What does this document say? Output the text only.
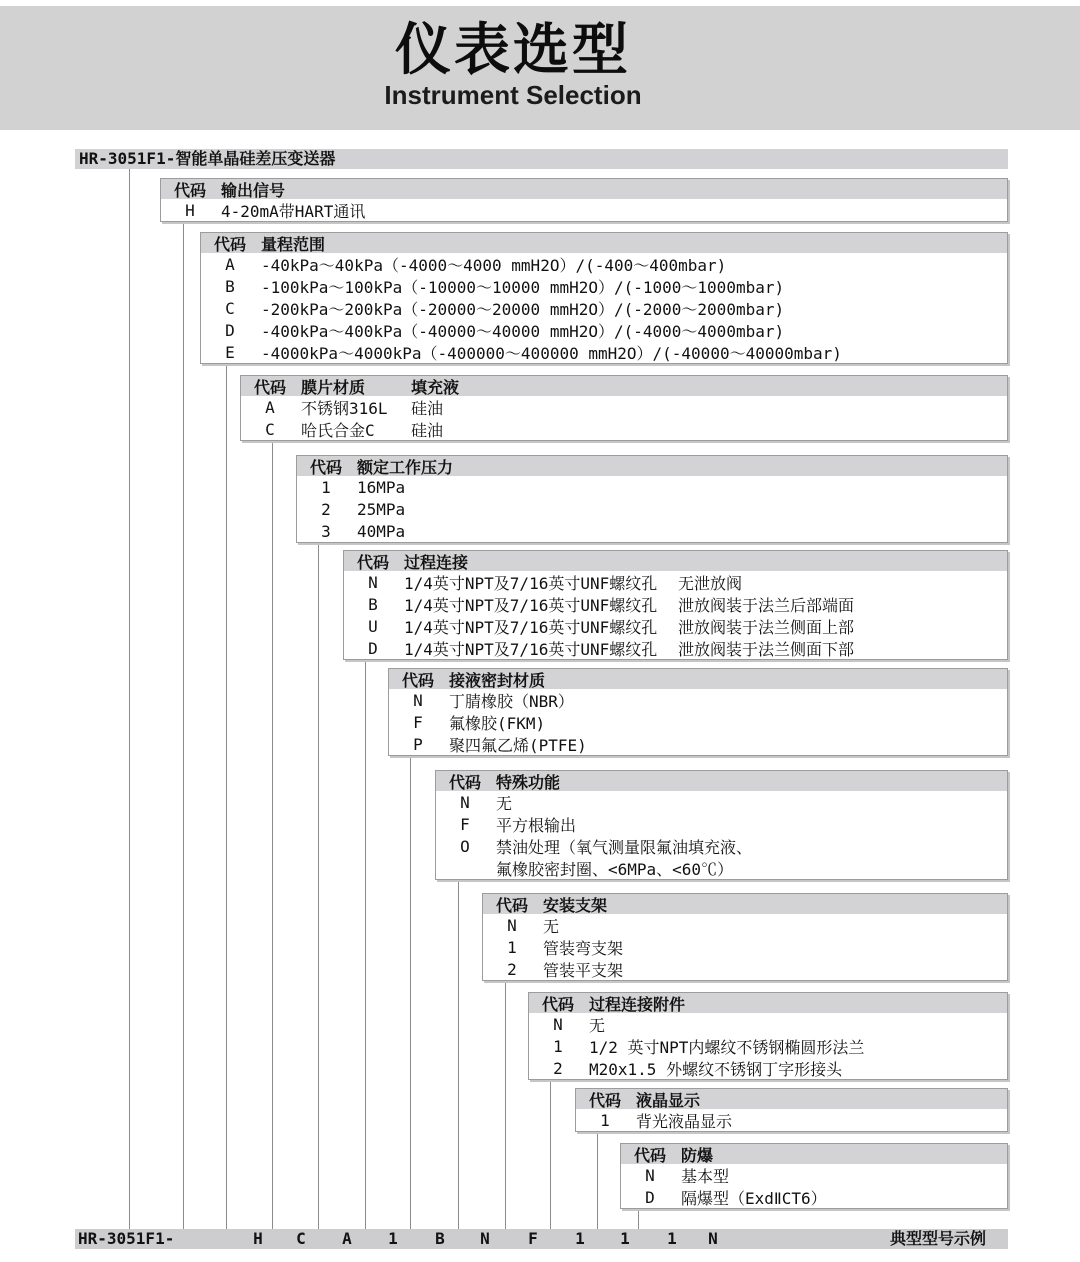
仪表选型
Instrument Selection
HR-3051F1-智能单晶硅差压变送器
代码 输出信号
H	4-20mA带HART通讯
代码 量程范围
A	-40kPa～40kPa（-4000～4000 mmH2O）/(-400～400mbar)
B	-100kPa～100kPa（-10000～10000 mmH2O）/(-1000～1000mbar)
C	-200kPa～200kPa（-20000～20000 mmH2O）/(-2000～2000mbar)
D	-400kPa～400kPa（-40000～40000 mmH2O）/(-4000～4000mbar)
E	-4000kPa～4000kPa（-400000～400000 mmH2O）/(-40000～40000mbar)
代码 膜片材质	填充液
A	不锈钢316L	硅油
C	哈氏合金C	硅油
代码 额定工作压力
1	16MPa
2	25MPa
3	40MPa
代码 过程连接
N	1/4英寸NPT及7/16英寸UNF螺纹孔	无泄放阀
B	1/4英寸NPT及7/16英寸UNF螺纹孔	泄放阀装于法兰后部端面
U	1/4英寸NPT及7/16英寸UNF螺纹孔	泄放阀装于法兰侧面上部
D	1/4英寸NPT及7/16英寸UNF螺纹孔	泄放阀装于法兰侧面下部
代码 接液密封材质
N	丁腈橡胶（NBR）
F	氟橡胶(FKM)
P	聚四氟乙烯(PTFE)
代码 特殊功能
N	无
F	平方根输出
O	禁油处理（氧气测量限氟油填充液、
氟橡胶密封圈、<6MPa、<60℃）
代码 安装支架
N	无
1	管装弯支架
2	管装平支架
代码 过程连接附件
N	无
1	1/2 英寸NPT内螺纹不锈钢椭圆形法兰
2	M20x1.5 外螺纹不锈钢丁字形接头
代码 液晶显示
1	背光液晶显示
代码 防爆
N	基本型
D	隔爆型（ExdⅡCT6）
HR-3051F1-	H	C	A	1	B	N	F	1	1	1	N	典型型号示例
